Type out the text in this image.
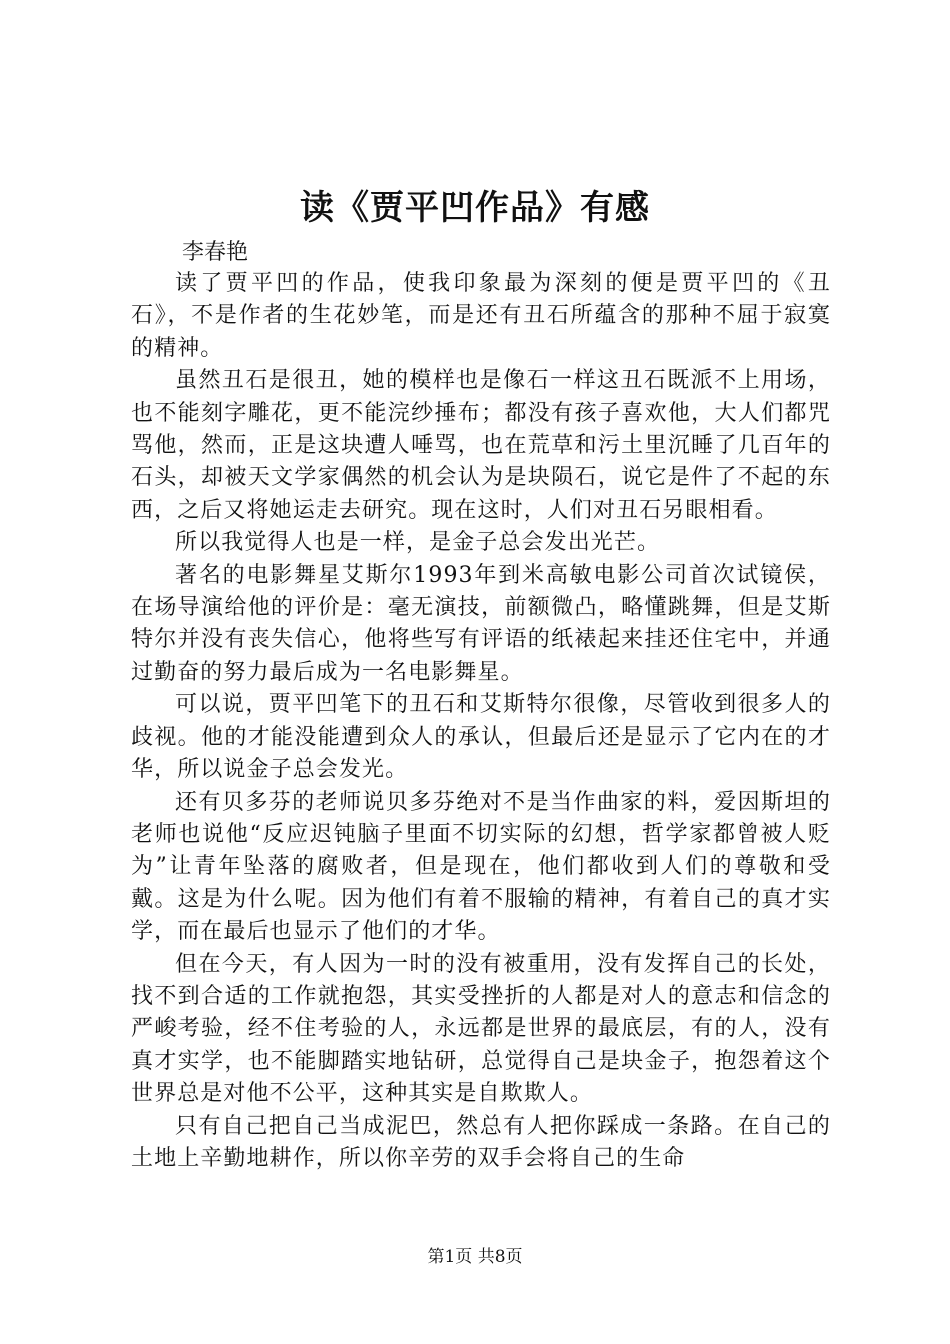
读《贾平凹作品》有感
李春艳

读了贾平凹的作品，使我印象最为深刻的便是贾平凹的《丑石》，不是作者的生花妙笔，而是还有丑石所蕴含的那种不屈于寂寞的精神。

虽然丑石是很丑，她的模样也是像石一样这丑石既派不上用场，也不能刻字雕花，更不能浣纱捶布；都没有孩子喜欢他，大人们都咒骂他，然而，正是这块遭人唾骂，也在荒草和污土里沉睡了几百年的石头，却被天文学家偶然的机会认为是块陨石，说它是件了不起的东西，之后又将她运走去研究。现在这时，人们对丑石另眼相看。

所以我觉得人也是一样，是金子总会发出光芒。

著名的电影舞星艾斯尔1993年到米高敏电影公司首次试镜侯，在场导演给他的评价是：毫无演技，前额微凸，略懂跳舞，但是艾斯特尔并没有丧失信心，他将些写有评语的纸裱起来挂还住宅中，并通过勤奋的努力最后成为一名电影舞星。

可以说，贾平凹笔下的丑石和艾斯特尔很像，尽管收到很多人的歧视。他的才能没能遭到众人的承认，但最后还是显示了它内在的才华，所以说金子总会发光。

还有贝多芬的老师说贝多芬绝对不是当作曲家的料，爱因斯坦的老师也说他“反应迟钝脑子里面不切实际的幻想，哲学家都曾被人贬为”让青年坠落的腐败者，但是现在，他们都收到人们的尊敬和受戴。这是为什么呢。因为他们有着不服输的精神，有着自己的真才实学，而在最后也显示了他们的才华。

但在今天，有人因为一时的没有被重用，没有发挥自己的长处，找不到合适的工作就抱怨，其实受挫折的人都是对人的意志和信念的严峻考验，经不住考验的人，永远都是世界的最底层，有的人，没有真才实学，也不能脚踏实地钻研，总觉得自己是块金子，抱怨着这个世界总是对他不公平，这种其实是自欺欺人。

只有自己把自己当成泥巴，然总有人把你踩成一条路。在自己的土地上辛勤地耕作，所以你辛劳的双手会将自己的生命

第1页 共8页
